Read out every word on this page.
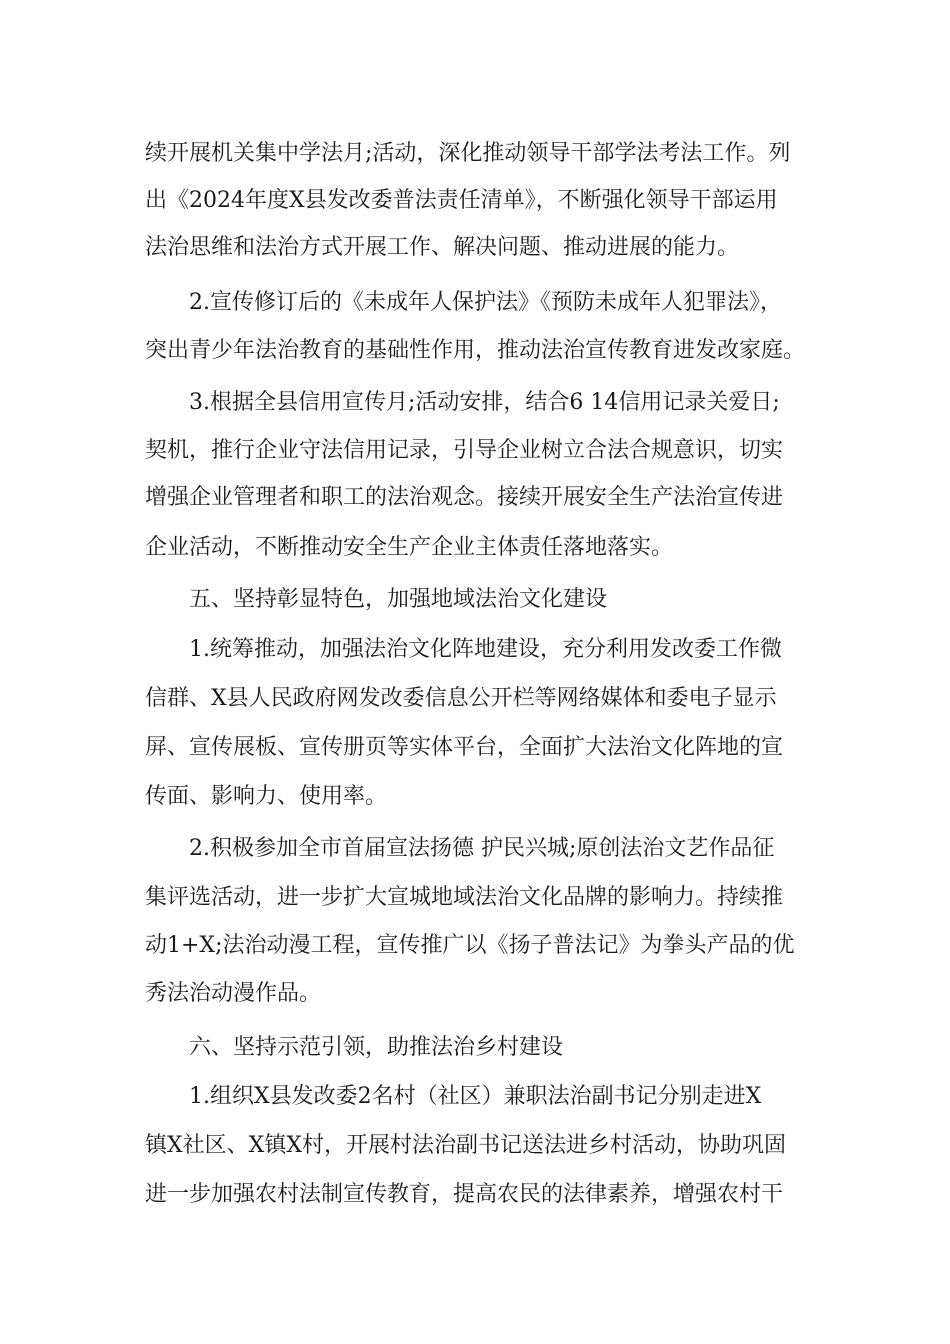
续开展机关集中学法月;活动，深化推动领导干部学法考法工作。列
出《2024年度X县发改委普法责任清单》，不断强化领导干部运用
法治思维和法治方式开展工作、解决问题、推动进展的能力。
2.宣传修订后的《未成年人保护法》《预防未成年人犯罪法》，
突出青少年法治教育的基础性作用，推动法治宣传教育进发改家庭。
3.根据全县信用宣传月;活动安排，结合6 14信用记录关爱日;
契机，推行企业守法信用记录，引导企业树立合法合规意识，切实
增强企业管理者和职工的法治观念。接续开展安全生产法治宣传进
企业活动，不断推动安全生产企业主体责任落地落实。
五、坚持彰显特色，加强地域法治文化建设
1.统筹推动，加强法治文化阵地建设，充分利用发改委工作微
信群、X县人民政府网发改委信息公开栏等网络媒体和委电子显示
屏、宣传展板、宣传册页等实体平台，全面扩大法治文化阵地的宣
传面、影响力、使用率。
2.积极参加全市首届宣法扬德 护民兴城;原创法治文艺作品征
集评选活动，进一步扩大宣城地域法治文化品牌的影响力。持续推
动1+X;法治动漫工程，宣传推广以《扬子普法记》为拳头产品的优
秀法治动漫作品。
六、坚持示范引领，助推法治乡村建设
1.组织X县发改委2名村（社区）兼职法治副书记分别走进X
镇X社区、X镇X村，开展村法治副书记送法进乡村活动，协助巩固
进一步加强农村法制宣传教育，提高农民的法律素养，增强农村干
